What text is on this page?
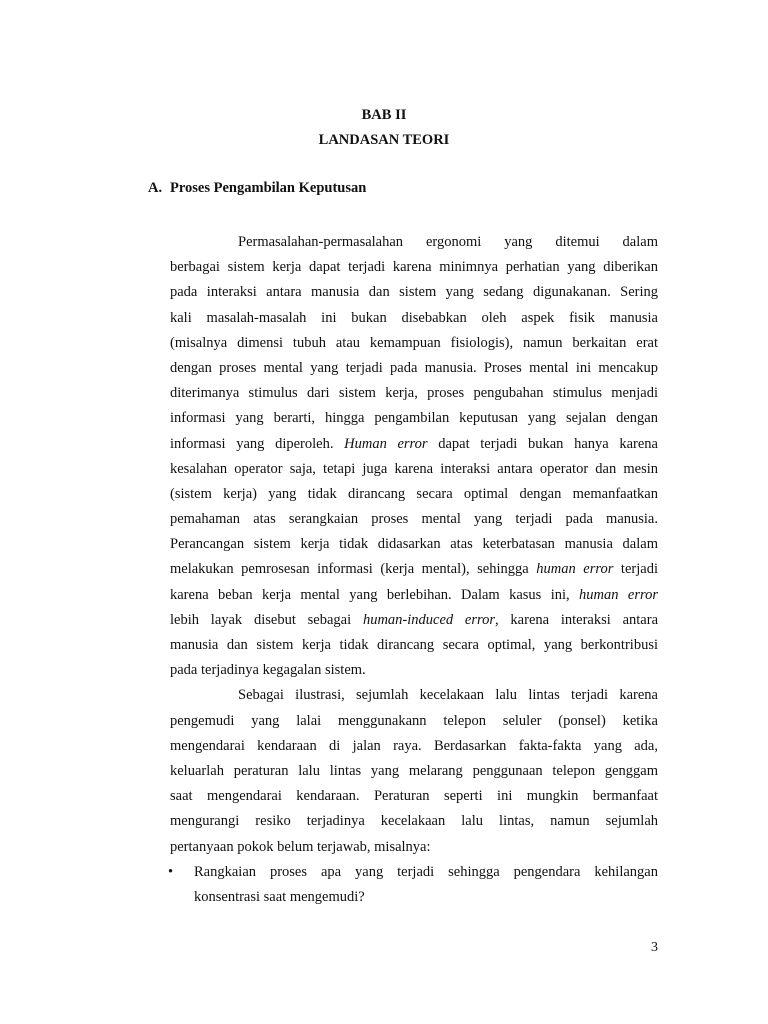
BAB II
LANDASAN TEORI
A. Proses Pengambilan Keputusan
Permasalahan-permasalahan ergonomi yang ditemui dalam
berbagai sistem kerja dapat terjadi karena minimnya perhatian yang diberikan
pada interaksi antara manusia dan sistem yang sedang digunakanan. Sering
kali masalah-masalah ini bukan disebabkan oleh aspek fisik manusia
(misalnya dimensi tubuh atau kemampuan fisiologis), namun berkaitan erat
dengan proses mental yang terjadi pada manusia. Proses mental ini mencakup
diterimanya stimulus dari sistem kerja, proses pengubahan stimulus menjadi
informasi yang berarti, hingga pengambilan keputusan yang sejalan dengan
informasi yang diperoleh. Human error dapat terjadi bukan hanya karena
kesalahan operator saja, tetapi juga karena interaksi antara operator dan mesin
(sistem kerja) yang tidak dirancang secara optimal dengan memanfaatkan
pemahaman atas serangkaian proses mental yang terjadi pada manusia.
Perancangan sistem kerja tidak didasarkan atas keterbatasan manusia dalam
melakukan pemrosesan informasi (kerja mental), sehingga human error terjadi
karena beban kerja mental yang berlebihan. Dalam kasus ini, human error
lebih layak disebut sebagai human-induced error, karena interaksi antara
manusia dan sistem kerja tidak dirancang secara optimal, yang berkontribusi
pada terjadinya kegagalan sistem.
Sebagai ilustrasi, sejumlah kecelakaan lalu lintas terjadi karena
pengemudi yang lalai menggunakann telepon seluler (ponsel) ketika
mengendarai kendaraan di jalan raya. Berdasarkan fakta-fakta yang ada,
keluarlah peraturan lalu lintas yang melarang penggunaan telepon genggam
saat mengendarai kendaraan. Peraturan seperti ini mungkin bermanfaat
mengurangi resiko terjadinya kecelakaan lalu lintas, namun sejumlah
pertanyaan pokok belum terjawab, misalnya:
• Rangkaian proses apa yang terjadi sehingga pengendara kehilangan
konsentrasi saat mengemudi?
3
